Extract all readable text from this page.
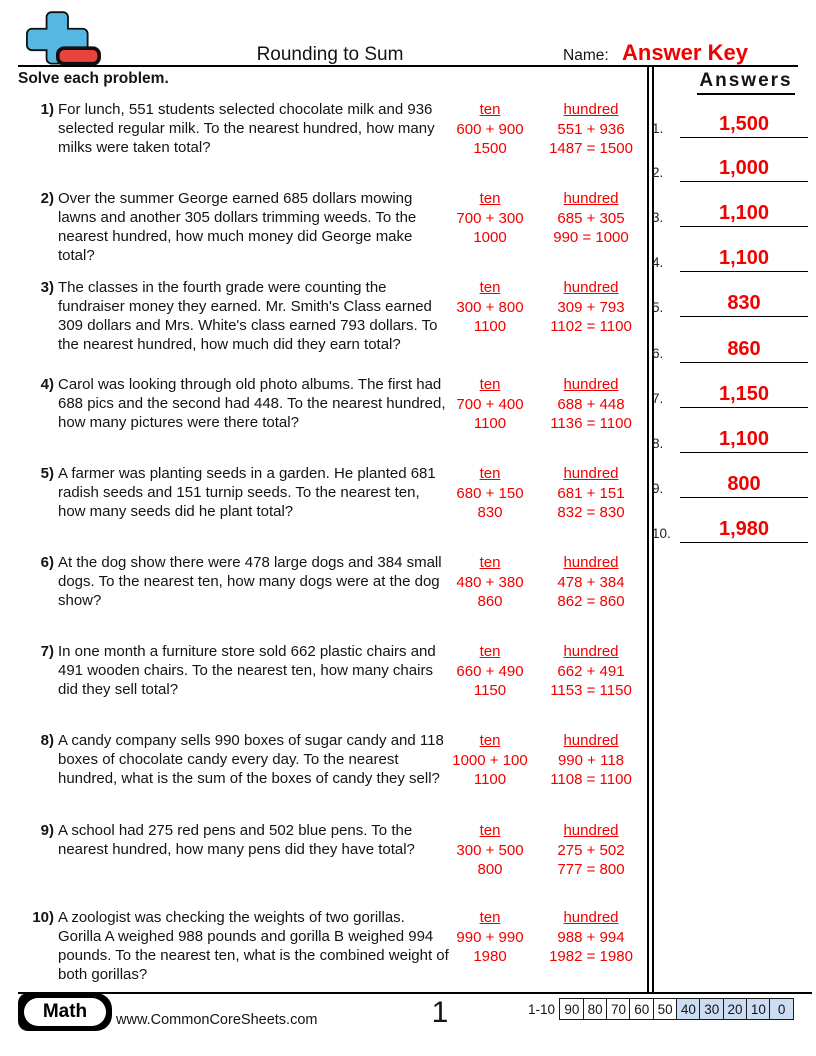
Rounding to Sum	Name: Answer Key
Solve each problem.	Answers
1) For lunch, 551 students selected chocolate milk and 936 selected regular milk. To the nearest hundred, how many milks were taken total?
ten
600 + 900
1500
hundred
551 + 936
1487 = 1500
2) Over the summer George earned 685 dollars mowing lawns and another 305 dollars trimming weeds. To the nearest hundred, how much money did George make total?
ten
700 + 300
1000
hundred
685 + 305
990 = 1000
3) The classes in the fourth grade were counting the fundraiser money they earned. Mr. Smith's Class earned 309 dollars and Mrs. White's class earned 793 dollars. To the nearest hundred, how much did they earn total?
ten
300 + 800
1100
hundred
309 + 793
1102 = 1100
4) Carol was looking through old photo albums. The first had 688 pics and the second had 448. To the nearest hundred, how many pictures were there total?
ten
700 + 400
1100
hundred
688 + 448
1136 = 1100
5) A farmer was planting seeds in a garden. He planted 681 radish seeds and 151 turnip seeds. To the nearest ten, how many seeds did he plant total?
ten
680 + 150
830
hundred
681 + 151
832 = 830
6) At the dog show there were 478 large dogs and 384 small dogs. To the nearest ten, how many dogs were at the dog show?
ten
480 + 380
860
hundred
478 + 384
862 = 860
7) In one month a furniture store sold 662 plastic chairs and 491 wooden chairs. To the nearest ten, how many chairs did they sell total?
ten
660 + 490
1150
hundred
662 + 491
1153 = 1150
8) A candy company sells 990 boxes of sugar candy and 118 boxes of chocolate candy every day. To the nearest hundred, what is the sum of the boxes of candy they sell?
ten
1000 + 100
1100
hundred
990 + 118
1108 = 1100
9) A school had 275 red pens and 502 blue pens. To the nearest hundred, how many pens did they have total?
ten
300 + 500
800
hundred
275 + 502
777 = 800
10) A zoologist was checking the weights of two gorillas. Gorilla A weighed 988 pounds and gorilla B weighed 994 pounds. To the nearest ten, what is the combined weight of both gorillas?
ten
990 + 990
1980
hundred
988 + 994
1982 = 1980
1.	1,500
2.	1,000
3.	1,100
4.	1,100
5.	830
6.	860
7.	1,150
8.	1,100
9.	800
10.	1,980
Math	www.CommonCoreSheets.com	1	1-10 90 80 70 60 50 40 30 20 10 0
